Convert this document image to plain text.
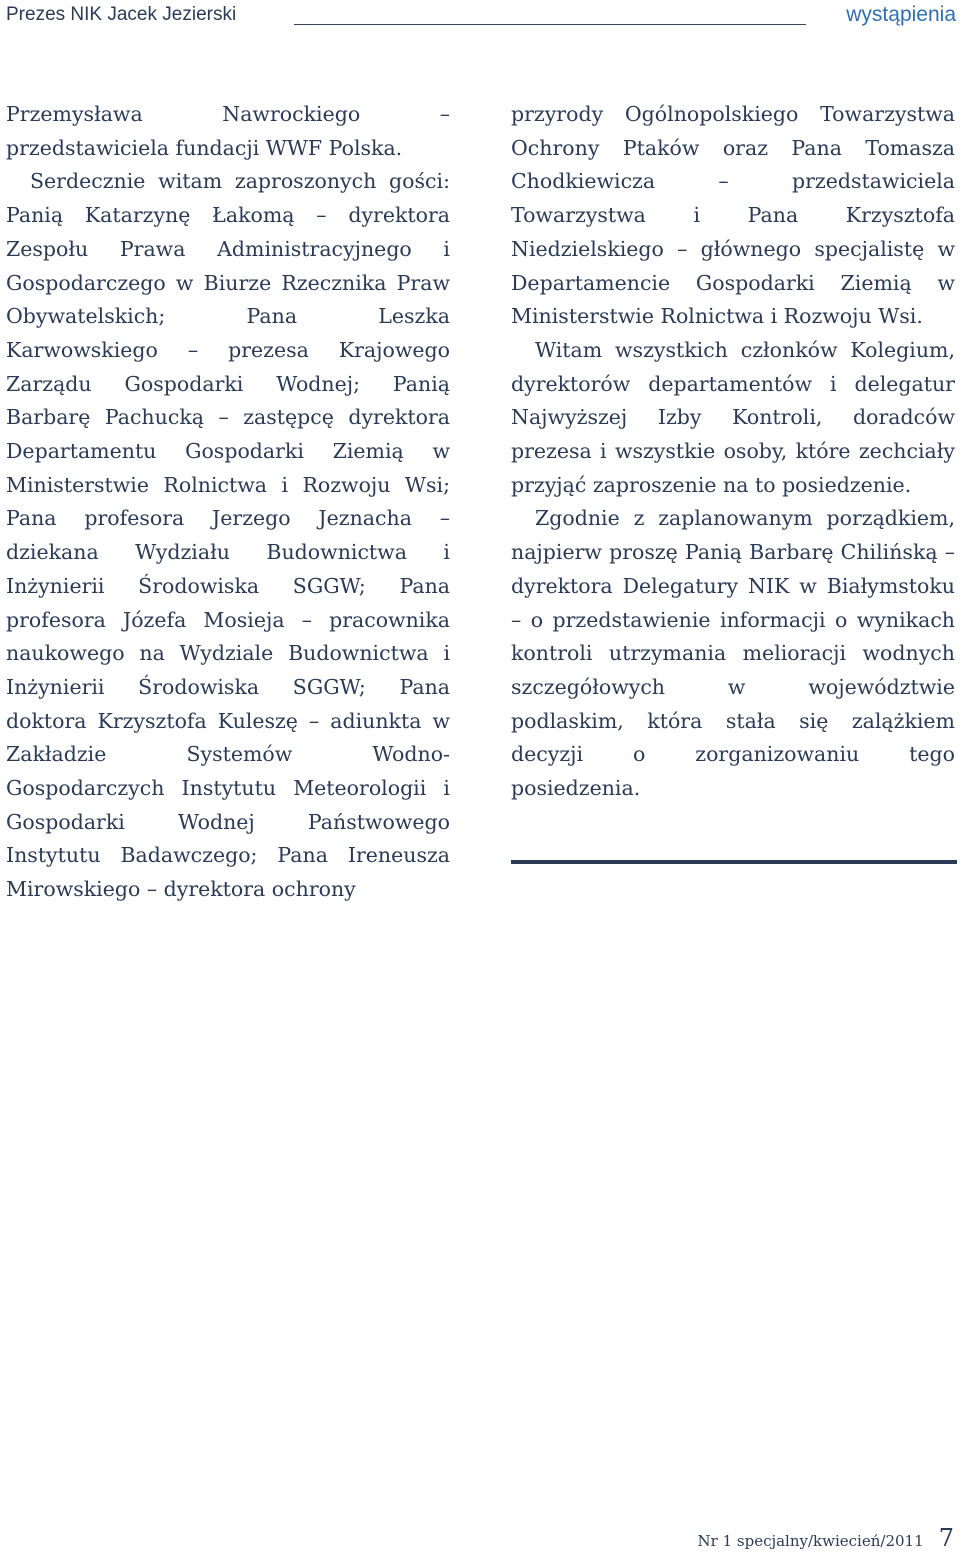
Prezes NIK Jacek Jezierski	wystąpienia

Przemysława Nawrockiego – przedstawiciela fundacji WWF Polska.

Serdecznie witam zaproszonych gości: Panią Katarzynę Łakomą – dyrektora Zespołu Prawa Administracyjnego i Gospodarczego w Biurze Rzecznika Praw Obywatelskich; Pana Leszka Karwowskiego – prezesa Krajowego Zarządu Gospodarki Wodnej; Panią Barbarę Pachucką – zastępcę dyrektora Departamentu Gospodarki Ziemią w Ministerstwie Rolnictwa i Rozwoju Wsi; Pana profesora Jerzego Jeznacha – dziekana Wydziału Budownictwa i Inżynierii Środowiska SGGW; Pana profesora Józefa Mosieja – pracownika naukowego na Wydziale Budownictwa i Inżynierii Środowiska SGGW; Pana doktora Krzysztofa Kuleszę – adiunkta w Zakładzie Systemów Wodno-Gospodarczych Instytutu Meteorologii i Gospodarki Wodnej Państwowego Instytutu Badawczego; Pana Ireneusza Mirowskiego – dyrektora ochrony

przyrody Ogólnopolskiego Towarzystwa Ochrony Ptaków oraz Pana Tomasza Chodkiewicza – przedstawiciela Towarzystwa i Pana Krzysztofa Niedzielskiego – głównego specjalistę w Departamencie Gospodarki Ziemią w Ministerstwie Rolnictwa i Rozwoju Wsi.

Witam wszystkich członków Kolegium, dyrektorów departamentów i delegatur Najwyższej Izby Kontroli, doradców prezesa i wszystkie osoby, które zechciały przyjąć zaproszenie na to posiedzenie.

Zgodnie z zaplanowanym porządkiem, najpierw proszę Panią Barbarę Chilińską – dyrektora Delegatury NIK w Białymstoku – o przedstawienie informacji o wynikach kontroli utrzymania melioracji wodnych szczegółowych w województwie podlaskim, która stała się zalążkiem decyzji o zorganizowaniu tego posiedzenia.

Nr 1 specjalny/kwiecień/2011 7
